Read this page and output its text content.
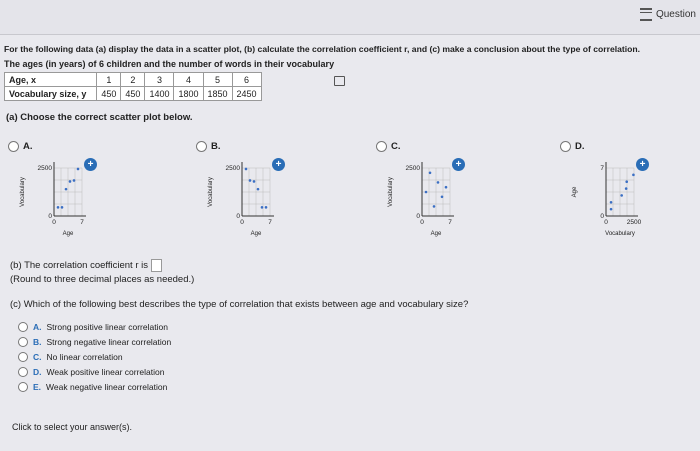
Question
For the following data (a) display the data in a scatter plot, (b) calculate the correlation coefficient r, and (c) make a conclusion about the type of correlation.
The ages (in years) of 6 children and the number of words in their vocabulary
Age, x	1	2	3	4	5	6
Vocabulary size, y	450	450	1400	1800	1850	2450
(a) Choose the correct scatter plot below.
A.
+
2500
0
0	7
Age
Vocabulary
B.
+
2500
0
0	7
Age
Vocabulary
C.
+
2500
0
0	7
Age
Vocabulary
D.
+
7
0
0	2500
Vocabulary
Age
(b) The correlation coefficient r is
(Round to three decimal places as needed.)
(c) Which of the following best describes the type of correlation that exists between age and vocabulary size?
A. Strong positive linear correlation
B. Strong negative linear correlation
C. No linear correlation
D. Weak positive linear correlation
E. Weak negative linear correlation
Click to select your answer(s).
